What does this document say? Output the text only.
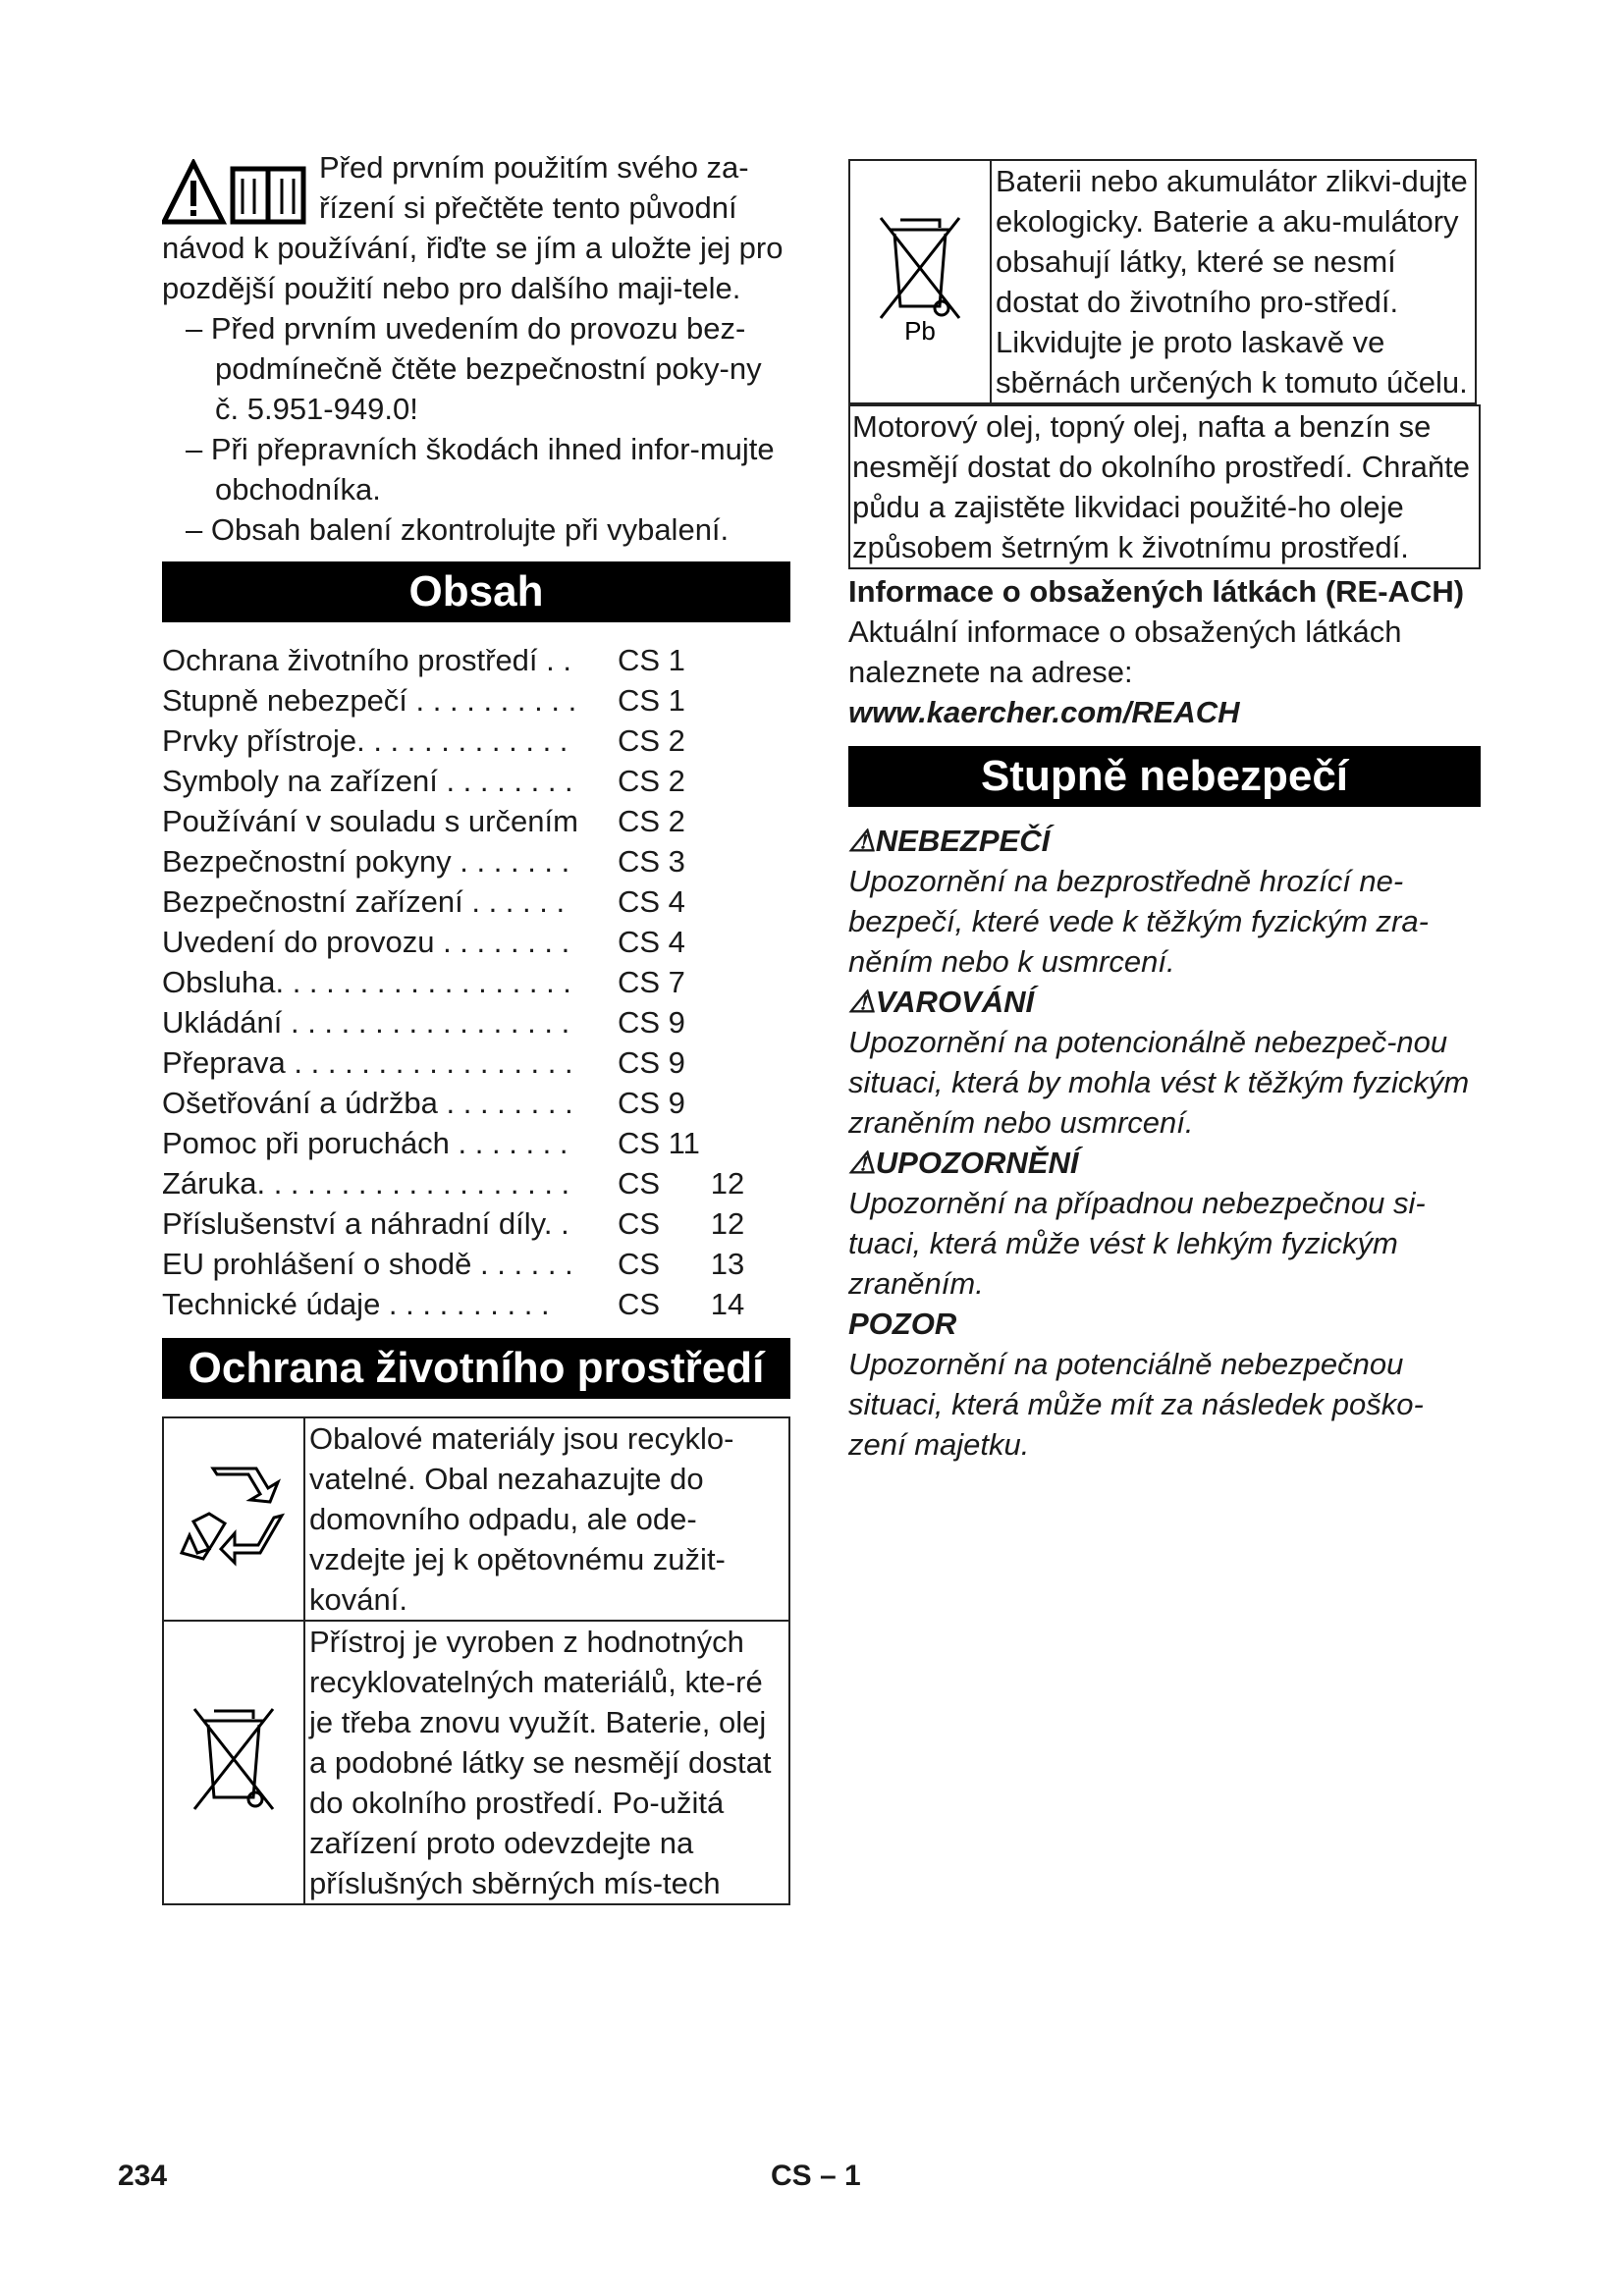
Před prvním použitím svého za-
řízení si přečtěte tento původní
návod k používání, řiďte se jím a uložte jej pro pozdější použití nebo pro dalšího maji-tele.
– Před prvním uvedením do provozu bez-podmínečně čtěte bezpečnostní poky-ny č. 5.951-949.0!
– Při přepravních škodách ihned infor-mujte obchodníka.
– Obsah balení zkontrolujte při vybalení.
Obsah
Ochrana životního prostředí . .	CS 1
Stupně nebezpečí . . . . . . . . . .	CS 1
Prvky přístroje. . . . . . . . . . . . .	CS 2
Symboly na zařízení . . . . . . . .	CS 2
Používání v souladu s určením	CS 2
Bezpečnostní pokyny . . . . . . .	CS 3
Bezpečnostní zařízení . . . . . .	CS 4
Uvedení do provozu . . . . . . . .	CS 4
Obsluha. . . . . . . . . . . . . . . . . .	CS 7
Ukládání . . . . . . . . . . . . . . . . .	CS 9
Přeprava . . . . . . . . . . . . . . . . .	CS 9
Ošetřování a údržba . . . . . . . .	CS 9
Pomoc při poruchách . . . . . . .	CS 11
Záruka. . . . . . . . . . . . . . . . . . .	CS      12
Příslušenství a náhradní díly. .	CS      12
EU prohlášení o shodě . . . . . .	CS      13
Technické údaje . . . . . . . . . .	CS      14
Ochrana životního prostředí
	Obalové materiály jsou recyklo-vatelné. Obal nezahazujte do domovního odpadu, ale ode-vzdejte jej k opětovnému zužit-kování.
	Přístroj je vyroben z hodnotných recyklovatelných materiálů, kte-ré je třeba znovu využít. Baterie, olej a podobné látky se nesmějí dostat do okolního prostředí. Po-užitá zařízení proto odevzdejte na příslušných sběrných mís-tech
Pb
	Baterii nebo akumulátor zlikvi-dujte ekologicky. Baterie a aku-mulátory obsahují látky, které se nesmí dostat do životního pro-středí. Likvidujte je proto laskavě ve sběrnách určených k tomuto účelu.
Motorový olej, topný olej, nafta a benzín se nesmějí dostat do okolního prostředí. Chraňte půdu a zajistěte likvidaci použité-ho oleje způsobem šetrným k životnímu prostředí.
Informace o obsažených látkách (RE-ACH)
Aktuální informace o obsažených látkách naleznete na adrese:
www.kaercher.com/REACH
Stupně nebezpečí
⚠NEBEZPEČÍ
Upozornění na bezprostředně hrozící ne-bezpečí, které vede k těžkým fyzickým zra-něním nebo k usmrcení.
⚠VAROVÁNÍ
Upozornění na potencionálně nebezpeč-nou situaci, která by mohla vést k těžkým fyzickým zraněním nebo usmrcení.
⚠UPOZORNĚNÍ
Upozornění na případnou nebezpečnou si-tuaci, která může vést k lehkým fyzickým zraněním.
POZOR
Upozornění na potenciálně nebezpečnou situaci, která může mít za následek poško-zení majetku.
234	CS – 1
